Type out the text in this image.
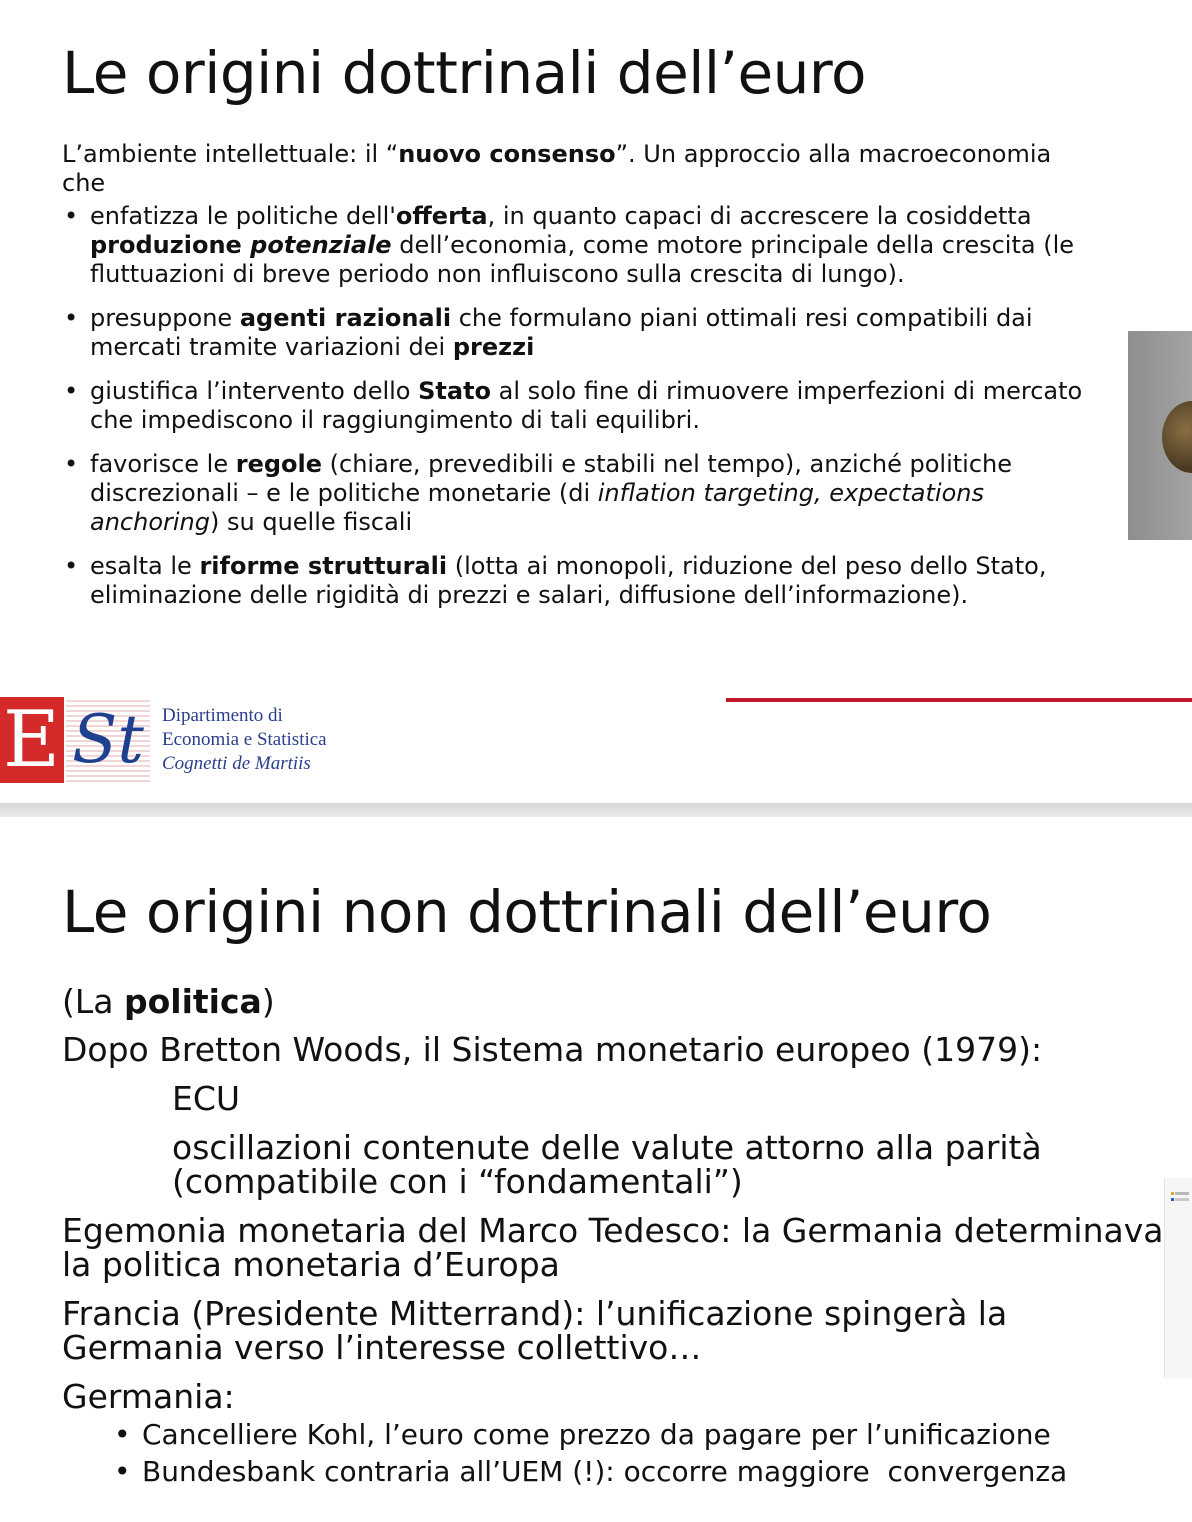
Le origini dottrinali dell’euro

L’ambiente intellettuale: il “nuovo consenso”. Un approccio alla macroeconomia che

• enfatizza le politiche dell'offerta, in quanto capaci di accrescere la cosiddetta produzione potenziale dell’economia, come motore principale della crescita (le fluttuazioni di breve periodo non influiscono sulla crescita di lungo).
• presuppone agenti razionali che formulano piani ottimali resi compatibili dai mercati tramite variazioni dei prezzi
• giustifica l’intervento dello Stato al solo fine di rimuovere imperfezioni di mercato che impediscono il raggiungimento di tali equilibri.
• favorisce le regole (chiare, prevedibili e stabili nel tempo), anziché politiche discrezionali – e le politiche monetarie (di inflation targeting, expectations anchoring) su quelle fiscali
• esalta le riforme strutturali (lotta ai monopoli, riduzione del peso dello Stato, eliminazione delle rigidità di prezzi e salari, diffusione dell’informazione).
E St Dipartimento di
Economia e Statistica
Cognetti de Martiis
Le origini non dottrinali dell’euro

(La politica)

Dopo Bretton Woods, il Sistema monetario europeo (1979):

ECU

oscillazioni contenute delle valute attorno alla parità (compatibile con i “fondamentali”)

Egemonia monetaria del Marco Tedesco: la Germania determinava la politica monetaria d’Europa

Francia (Presidente Mitterrand): l’unificazione spingerà la Germania verso l’interesse collettivo…

Germania:

• Cancelliere Kohl, l’euro come prezzo da pagare per l’unificazione
• Bundesbank contraria all’UEM (!): occorre maggiore  convergenza
